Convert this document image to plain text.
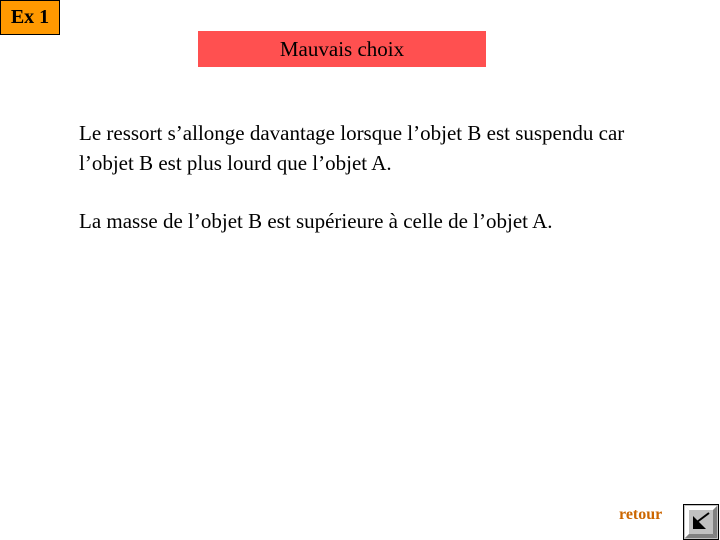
Ex 1
Mauvais choix

Le ressort s’allonge davantage lorsque l’objet B est suspendu car l’objet B est plus lourd que l’objet A.

La masse de l’objet B est supérieure à celle de l’objet A.

retour
